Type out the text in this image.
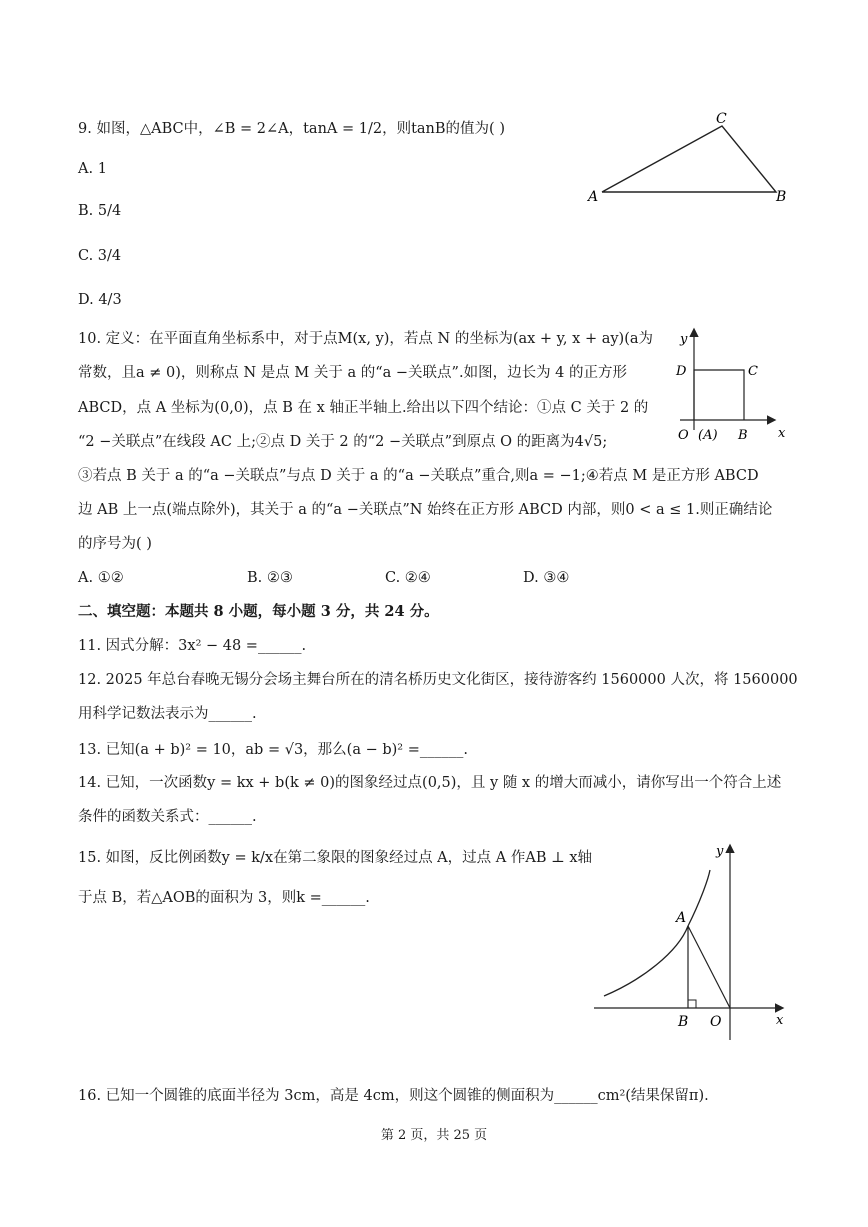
9. 如图，△ABC中，∠B = 2∠A，tanA = 1/2，则tanB的值为( )
A. 1
B. 5/4
C. 3/4
D. 4/3
A	B
C
10. 定义：在平面直角坐标系中，对于点M(x, y)，若点 N 的坐标为(ax + y, x + ay)(a为
常数，且a ≠ 0)，则称点 N 是点 M 关于 a 的“a −关联点”.如图，边长为 4 的正方形
ABCD，点 A 坐标为(0,0)，点 B 在 x 轴正半轴上.给出以下四个结论：①点 C 关于 2 的
“2 −关联点”在线段 AC 上;②点 D 关于 2 的“2 −关联点”到原点 O 的距离为4√5;
③若点 B 关于 a 的“a −关联点”与点 D 关于 a 的“a −关联点”重合,则a = −1;④若点 M 是正方形 ABCD
边 AB 上一点(端点除外)，其关于 a 的“a −关联点”N 始终在正方形 ABCD 内部，则0 < a ≤ 1.则正确结论
的序号为( )
A. ①②	B. ②③	C. ②④	D. ③④
y
x
D	C
O (A) B
二、填空题：本题共 8 小题，每小题 3 分，共 24 分。
11. 因式分解：3x² − 48 =______.
12. 2025 年总台春晚无锡分会场主舞台所在的清名桥历史文化街区，接待游客约 1560000 人次，将 1560000
用科学记数法表示为______.
13. 已知(a + b)² = 10，ab = √3，那么(a − b)² =______.
14. 已知，一次函数y = kx + b(k ≠ 0)的图象经过点(0,5)，且 y 随 x 的增大而减小，请你写出一个符合上述
条件的函数关系式：______.
15. 如图，反比例函数y = k/x在第二象限的图象经过点 A，过点 A 作AB ⊥ x轴
于点 B，若△AOB的面积为 3，则k =______.
y
x
A
B O
16. 已知一个圆锥的底面半径为 3cm，高是 4cm，则这个圆锥的侧面积为______cm²(结果保留π).
第 2 页，共 25 页
